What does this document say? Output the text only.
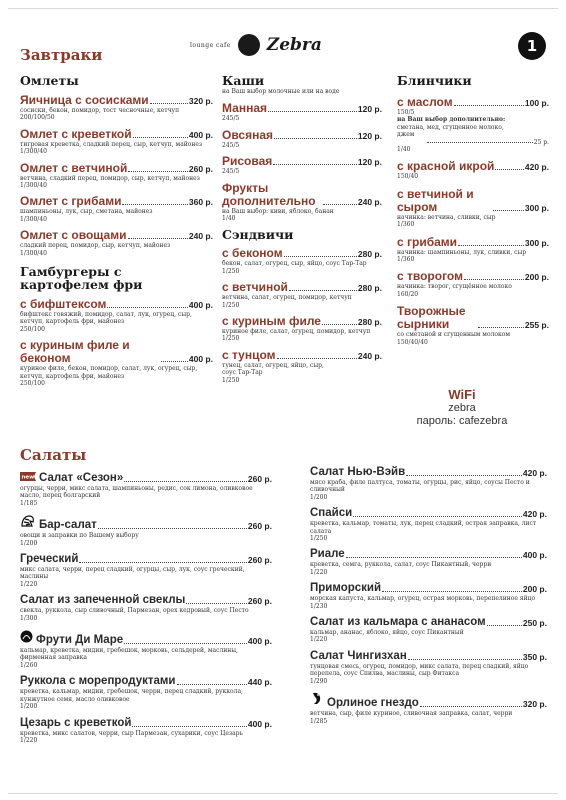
Завтраки
lounge cafe Zebra	1
Омлеты
Яичница с сосисками	320 р.
сосиски, бекон, помидор, тост чесночные, кетчуп
200/100/50
Омлет с креветкой	400 р.
тигровая креветка, сладкий перец, сыр, кетчуп, майонез
1/300/40
Омлет с ветчиной	260 р.
ветчина, сладкий перец, помидор, сыр, кетчуп, майонез
1/300/40
Омлет с грибами	360 р.
шампиньоны, лук, сыр, сметана, майонез
1/300/40
Омлет с овощами	240 р.
сладкий перец, помидор, сыр, кетчуп, майонез
1/300/40
Гамбургеры с картофелем фри
с бифштексом	400 р.
бифштекс говяжий, помидор, салат, лук, огурец, сыр, кетчуп, картофель фри, майонез
250/100
с куриным филе и беконом	400 р.
куриное филе, бекон, помидор, салат, лук, огурец, сыр, кетчуп, картофель фри, майонез
250/100
Каши
на Ваш выбор молочные или на воде
Манная	120 р.
245/5
Овсяная	120 р.
245/5
Рисовая	120 р.
245/5
Фрукты дополнительно	240 р.
на Ваш выбор: киви, яблоко, банан
1/40
Сэндвичи
с беконом	280 р.
бекон, салат, огурец, сыр, яйцо, соус Тар-Тар
1/250
с ветчиной	280 р.
ветчина, салат, огурец, помидор, кетчуп
1/250
с куриным филе	280 р.
куриное филе, салат, огурец, помидор, кетчуп
1/250
с тунцом	240 р.
тунец, салат, огурец, яйцо, сыр, соус Тар-Тар
1/250
Блинчики
с маслом	100 р.
150/5
на Ваш выбор дополнительно:
сметана, мед, сгущенное молоко, джем
25 р.
1/40
с красной икрой	420 р.
150/40
с ветчиной и сыром	300 р.
начинка: ветчина, сливки, сыр
1/360
с грибами	300 р.
начинка: шампиньоны, лук, сливки, сыр
1/360
с творогом	200 р.
начинка: творог, сгущённое молоко
160/20
Творожные сырники	255 р.
со сметаной и сгущенным молоком
150/40/40
WiFi
zebra
пароль: cafezebra
Салаты
new Салат «Сезон»	260 р.
огурцы, черри, микс салата, шампиньоны, редис, сок лимона, оливковое масло, перец болгарский
1/185
Бар-салат	260 р.
овощи и заправки по Вашему выбору
1/200
Греческий	260 р.
микс салата, черри, перец сладкий, огурцы, сыр, лук, соус греческий, маслины
1/220
Салат из запеченной свеклы	260 р.
свекла, руккола, сыр сливочный, Пармезан, орех кедровый, соус Песто
1/300
Фрути Ди Маре	400 р.
кальмар, креветка, мидии, гребешок, морковь, сельдерей, маслины, фирменная заправка
1/260
Руккола с морепродуктами	440 р.
креветка, кальмар, мидии, гребешок, черри, перец сладкий, руккола, кунжутное семя, масло оливковое
1/200
Цезарь с креветкой	400 р.
креветка, микс салатов, черри, сыр Пармезан, сухарики, соус Цезарь
1/220
Салат Нью-Вэйв	420 р.
мясо краба, филе палтуса, томаты, огурцы, рис, яйцо, соусы Песто и сливочный
1/200
Спайси	420 р.
креветка, кальмар, томаты, лук, перец сладкий, острая заправка, лист салата
1/250
Риале	400 р.
креветка, семга, руккола, салат, соус Пикантный, черри
1/220
Приморский	200 р.
морская капуста, кальмар, огурец, острая морковь, перепелиное яйцо
1/230
Салат из кальмара с ананасом	250 р.
кальмар, ананас, яблоко, яйцо, соус Пикантный
1/220
Салат Чингизхан	350 р.
тунцовая смесь, огурец, помидор, микс салата, перец сладкий, яйцо перепела, соус Спилва, маслины, сыр Фитакса
1/290
Орлиное гнездо	320 р.
ветчина, сыр, филе куриное, сливочная заправка, салат, черри
1/285
